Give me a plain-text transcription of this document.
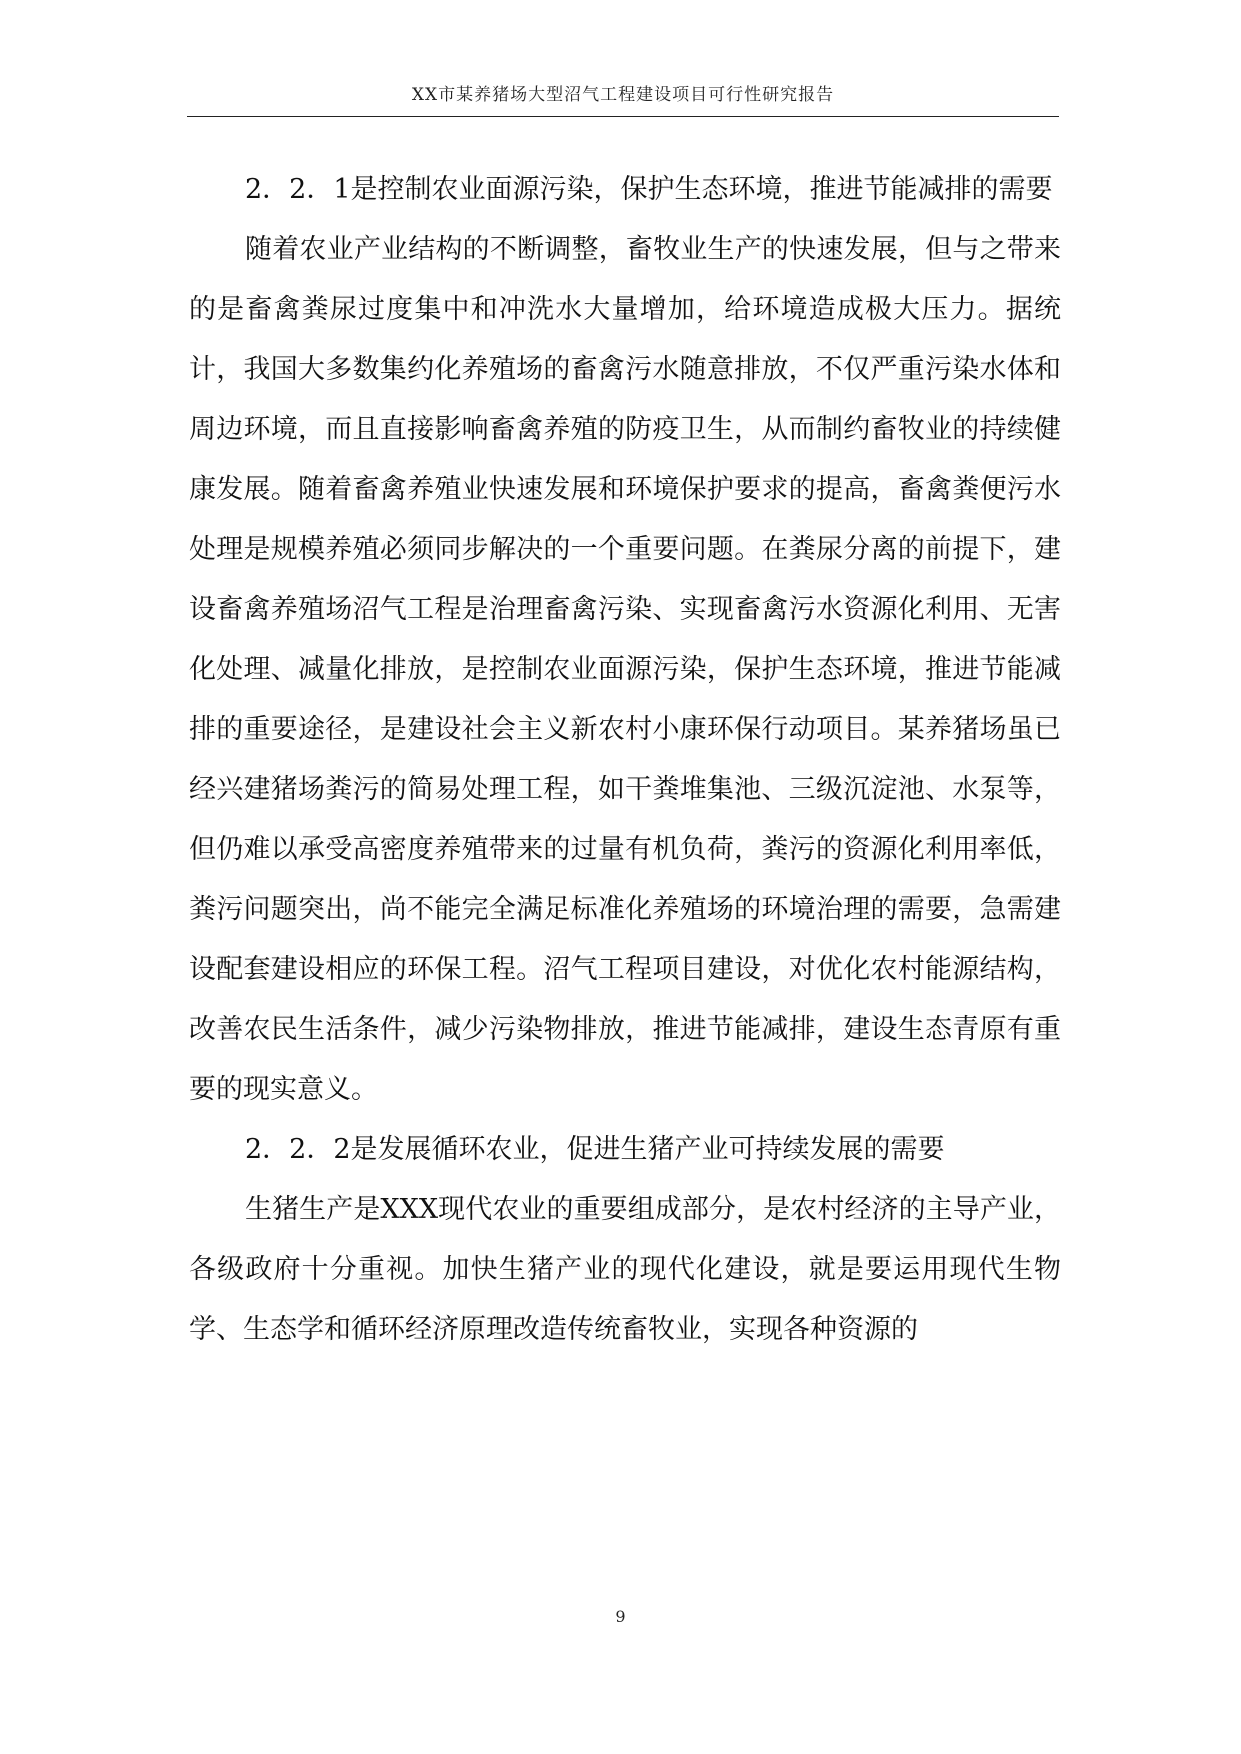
XX市某养猪场大型沼气工程建设项目可行性研究报告

2．2．1是控制农业面源污染，保护生态环境，推进节能减排的需要

随着农业产业结构的不断调整，畜牧业生产的快速发展，但与之带来的是畜禽粪尿过度集中和冲洗水大量增加，给环境造成极大压力。据统计，我国大多数集约化养殖场的畜禽污水随意排放，不仅严重污染水体和周边环境，而且直接影响畜禽养殖的防疫卫生，从而制约畜牧业的持续健康发展。随着畜禽养殖业快速发展和环境保护要求的提高，畜禽粪便污水处理是规模养殖必须同步解决的一个重要问题。在粪尿分离的前提下，建设畜禽养殖场沼气工程是治理畜禽污染、实现畜禽污水资源化利用、无害化处理、减量化排放，是控制农业面源污染，保护生态环境，推进节能减排的重要途径，是建设社会主义新农村小康环保行动项目。某养猪场虽已经兴建猪场粪污的简易处理工程，如干粪堆集池、三级沉淀池、水泵等，但仍难以承受高密度养殖带来的过量有机负荷，粪污的资源化利用率低，粪污问题突出，尚不能完全满足标准化养殖场的环境治理的需要，急需建设配套建设相应的环保工程。沼气工程项目建设，对优化农村能源结构，改善农民生活条件，减少污染物排放，推进节能减排，建设生态青原有重要的现实意义。

2．2．2是发展循环农业，促进生猪产业可持续发展的需要

生猪生产是XXX现代农业的重要组成部分，是农村经济的主导产业，各级政府十分重视。加快生猪产业的现代化建设，就是要运用现代生物学、生态学和循环经济原理改造传统畜牧业，实现各种资源的

9
